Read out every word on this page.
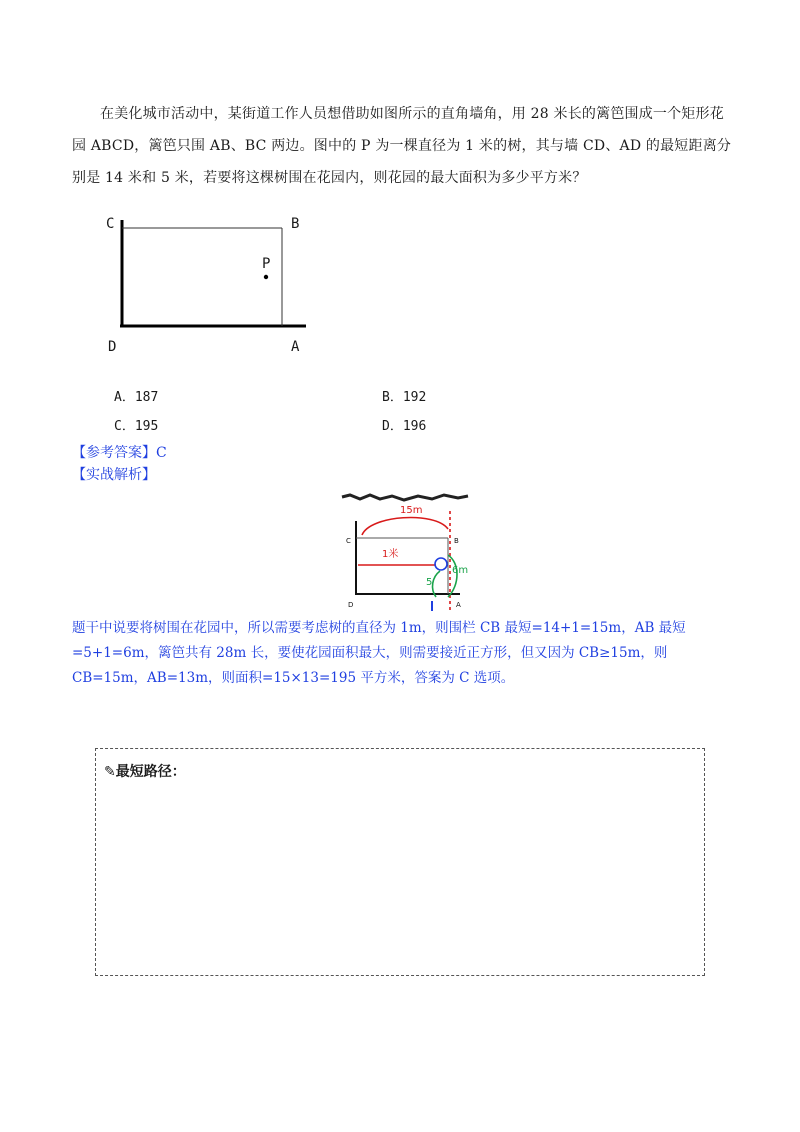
在美化城市活动中，某街道工作人员想借助如图所示的直角墙角，用 28 米长的篱笆围成一个矩形花园 ABCD，篱笆只围 AB、BC 两边。图中的 P 为一棵直径为 1 米的树，其与墙 CD、AD 的最短距离分别是 14 米和 5 米，若要将这棵树围在花园内，则花园的最大面积为多少平方米？
C	B
P
D	A
A．187	B．192
C．195	D．196
【参考答案】C
【实战解析】
C	B
D	A
15m
1米
5
6m
题干中说要将树围在花园中，所以需要考虑树的直径为 1m，则围栏 CB 最短=14+1=15m，AB 最短=5+1=6m，篱笆共有 28m 长，要使花园面积最大，则需要接近正方形，但又因为 CB≥15m，则 CB=15m，AB=13m，则面积=15×13=195 平方米，答案为 C 选项。
✎最短路径：
